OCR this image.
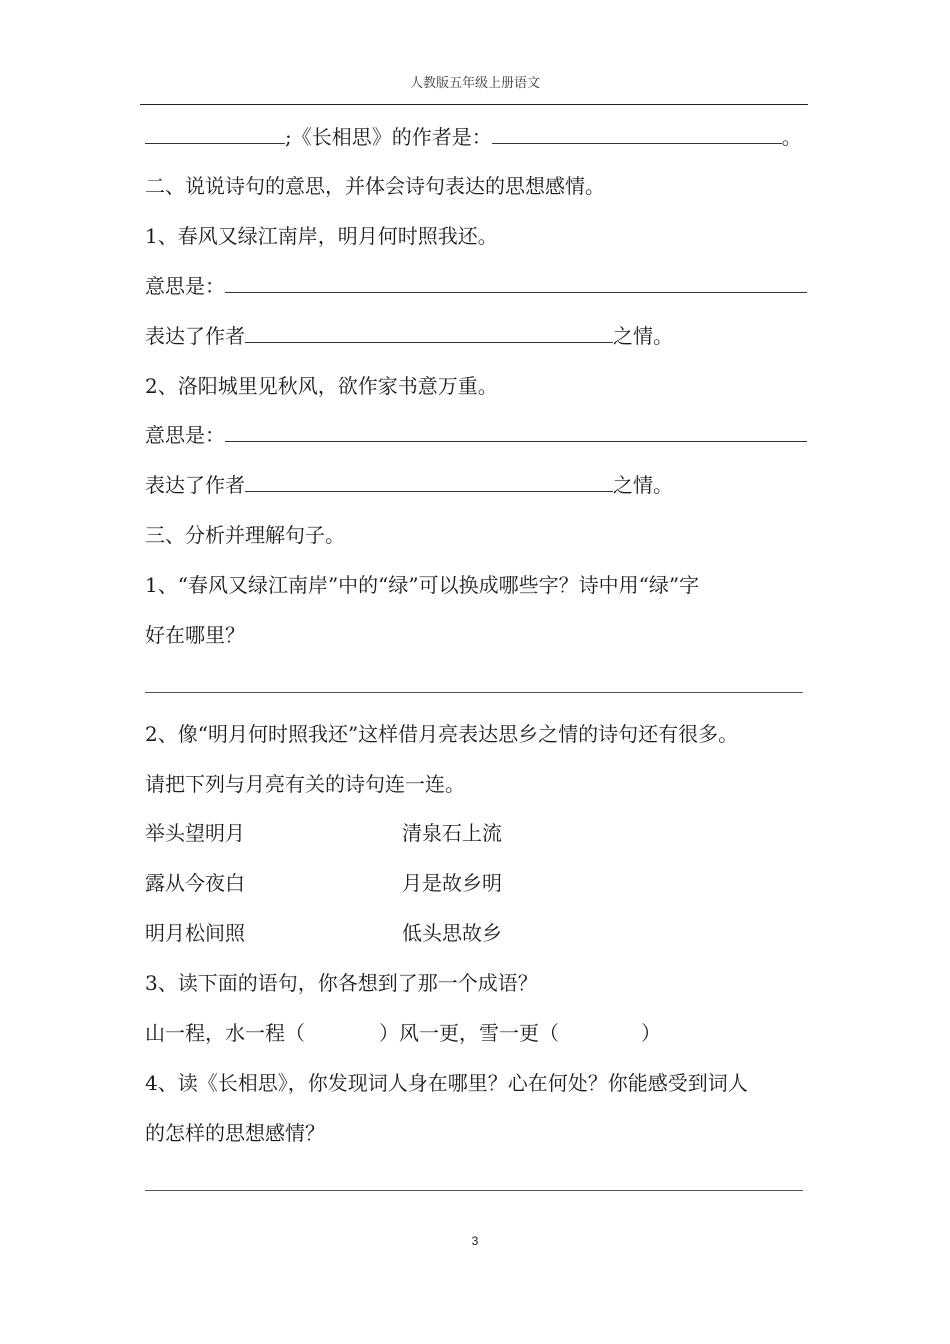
人教版五年级上册语文
;《长相思》的作者是：	。
二、说说诗句的意思，并体会诗句表达的思想感情。
1、春风又绿江南岸，明月何时照我还。
意思是：
表达了作者	之情。
2、洛阳城里见秋风，欲作家书意万重。
意思是：
表达了作者	之情。
三、分析并理解句子。
1、“春风又绿江南岸”中的“绿”可以换成哪些字？诗中用“绿”字
好在哪里？
2、像“明月何时照我还”这样借月亮表达思乡之情的诗句还有很多。
请把下列与月亮有关的诗句连一连。
举头望明月	清泉石上流
露从今夜白	月是故乡明
明月松间照	低头思故乡
3、读下面的语句，你各想到了那一个成语？
山一程，水一程（	）风一更，雪一更（	）
4、读《长相思》，你发现词人身在哪里？心在何处？你能感受到词人
的怎样的思想感情？
3
